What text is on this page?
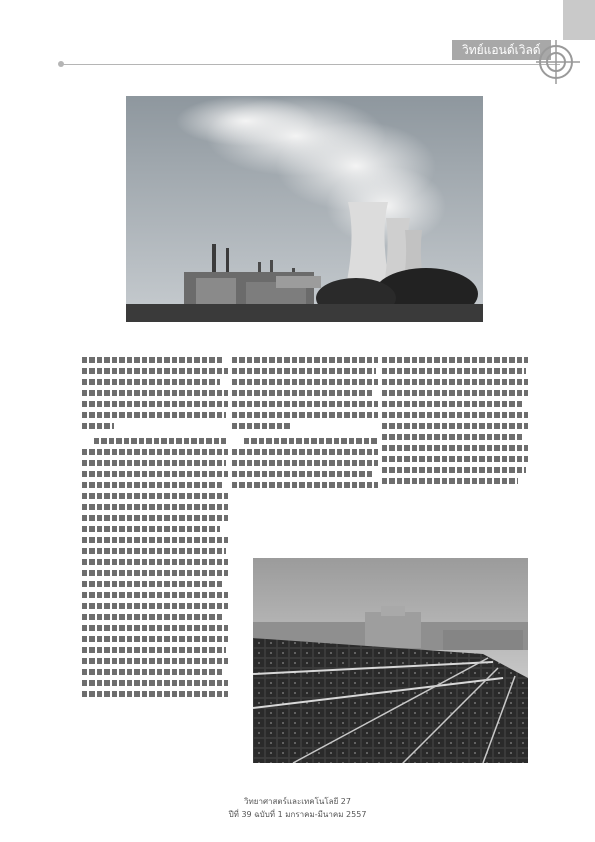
วิทย์แอนด์เวิลด์
วิทยาศาสตร์และเทคโนโลยี 27
ปีที่ 39 ฉบับที่ 1 มกราคม-มีนาคม 2557
